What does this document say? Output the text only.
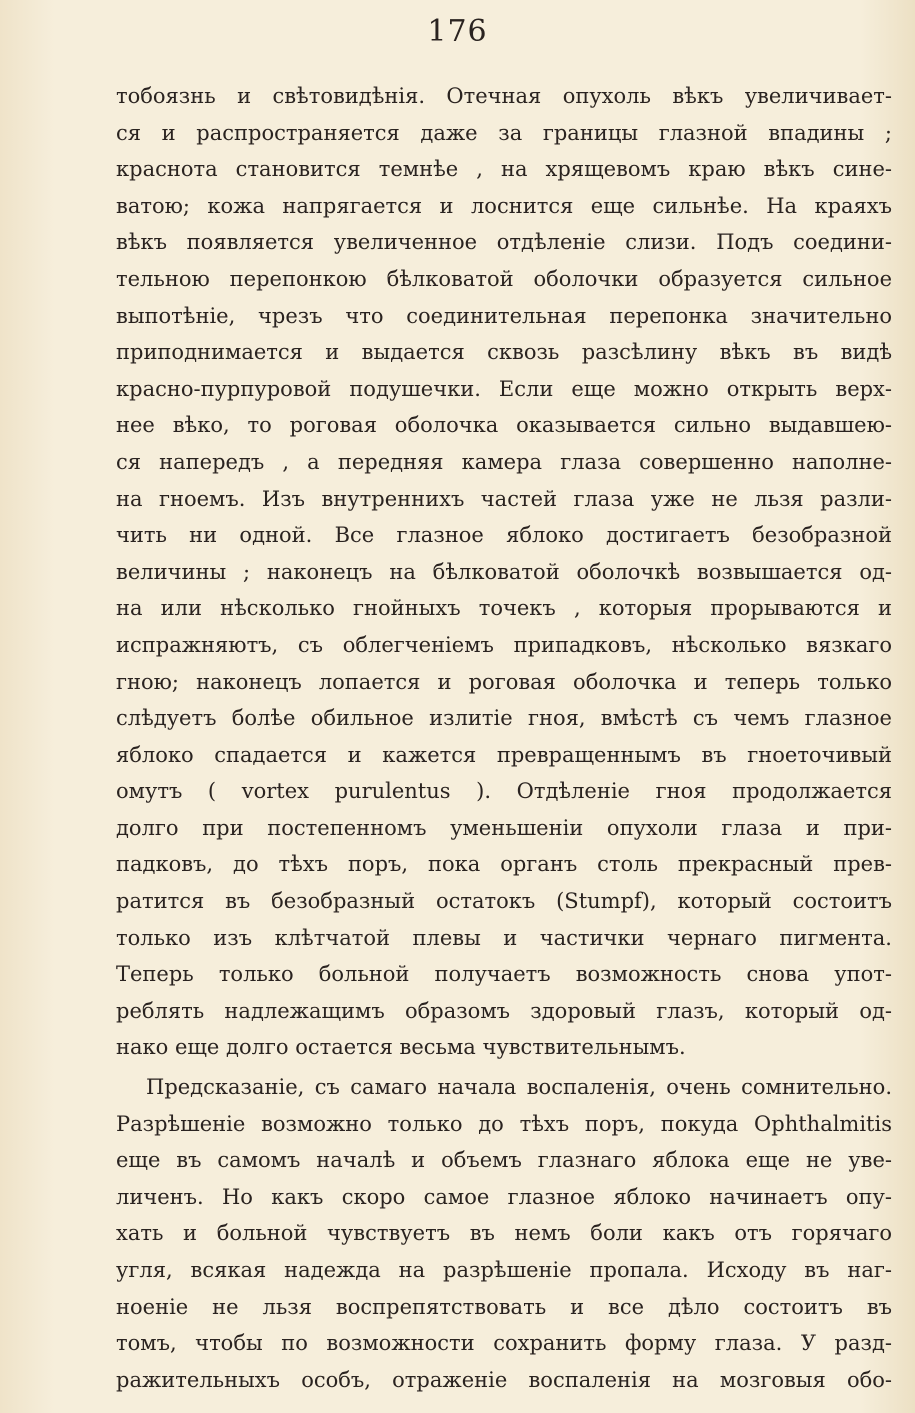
176
тобоязнь и свѣтовидѣнія. Отечная опухоль вѣкъ увеличивает-
ся и распространяется даже за границы глазной впадины ;
краснота становится темнѣе , на хрящевомъ краю вѣкъ сине-
ватою; кожа напрягается и лоснится еще сильнѣе. На краяхъ
вѣкъ появляется увеличенное отдѣленіе слизи. Подъ соедини-
тельною перепонкою бѣлковатой оболочки образуется сильное
выпотѣніе, чрезъ что соединительная перепонка значительно
приподнимается и выдается сквозь разсѣлину вѣкъ въ видѣ
красно-пурпуровой подушечки. Если еще можно открыть верх-
нее вѣко, то роговая оболочка оказывается сильно выдавшею-
ся напередъ , а передняя камера глаза совершенно наполне-
на гноемъ. Изъ внутреннихъ частей глаза уже не льзя разли-
чить ни одной. Все глазное яблоко достигаетъ безобразной
величины ; наконецъ на бѣлковатой оболочкѣ возвышается од-
на или нѣсколько гнойныхъ точекъ , которыя прорываются и
испражняютъ, съ облегченіемъ припадковъ, нѣсколько вязкаго
гною; наконецъ лопается и роговая оболочка и теперь только
слѣдуетъ болѣе обильное излитіе гноя, вмѣстѣ съ чемъ глазное
яблоко спадается и кажется превращеннымъ въ гноеточивый
омутъ ( vortex purulentus ). Отдѣленіе гноя продолжается
долго при постепенномъ уменьшеніи опухоли глаза и при-
падковъ, до тѣхъ поръ, пока органъ столь прекрасный прев-
ратится въ безобразный остатокъ (Stumpf), который состоитъ
только изъ клѣтчатой плевы и частички чернаго пигмента.
Теперь только больной получаетъ возможность снова упот-
реблять надлежащимъ образомъ здоровый глазъ, который од-
нако еще долго остается весьма чувствительнымъ.
Предсказаніе, съ самаго начала воспаленія, очень сомнительно.
Разрѣшеніе возможно только до тѣхъ поръ, покуда Ophthalmitis
еще въ самомъ началѣ и объемъ глазнаго яблока еще не уве-
личенъ. Но какъ скоро самое глазное яблоко начинаетъ опу-
хать и больной чувствуетъ въ немъ боли какъ отъ горячаго
угля, всякая надежда на разрѣшеніе пропала. Исходу въ наг-
ноеніе не льзя воспрепятствовать и все дѣло состоитъ въ
томъ, чтобы по возможности сохранить форму глаза. У разд-
ражительныхъ особъ, отраженіе воспаленія на мозговыя обо-
